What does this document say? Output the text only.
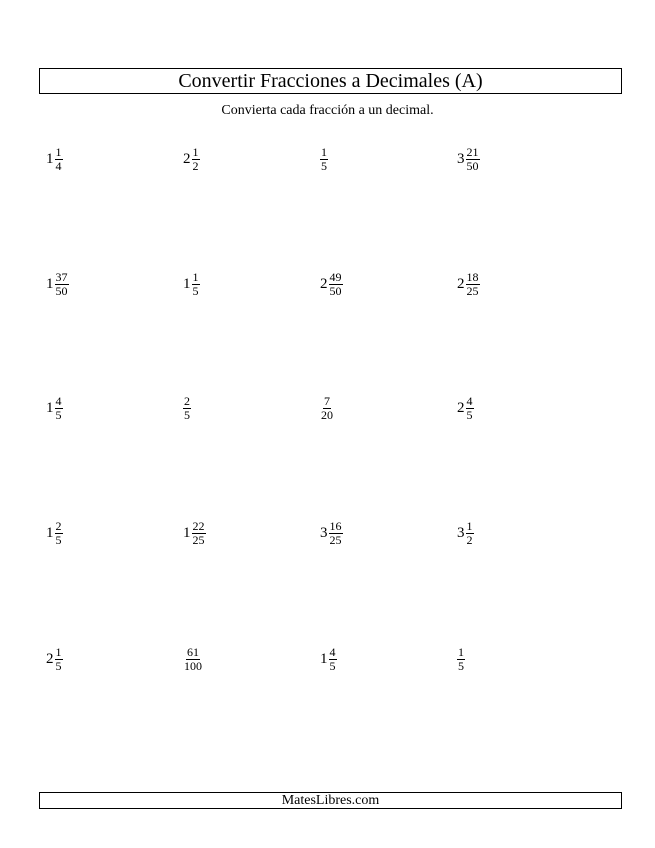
Convertir Fracciones a Decimales (A)
Convierta cada fracción a un decimal.
$1 \frac{1}{4}$	$2 \frac{1}{2}$	$\frac{1}{5}$	$3 \frac{21}{50}$
$1 \frac{37}{50}$	$1 \frac{1}{5}$	$2 \frac{49}{50}$	$2 \frac{18}{25}$
$1 \frac{4}{5}$	$\frac{2}{5}$	$\frac{7}{20}$	$2 \frac{4}{5}$
$1 \frac{2}{5}$	$1 \frac{22}{25}$	$3 \frac{16}{25}$	$3 \frac{1}{2}$
$2 \frac{1}{5}$	$\frac{61}{100}$	$1 \frac{4}{5}$	$\frac{1}{5}$
MatesLibres.com
